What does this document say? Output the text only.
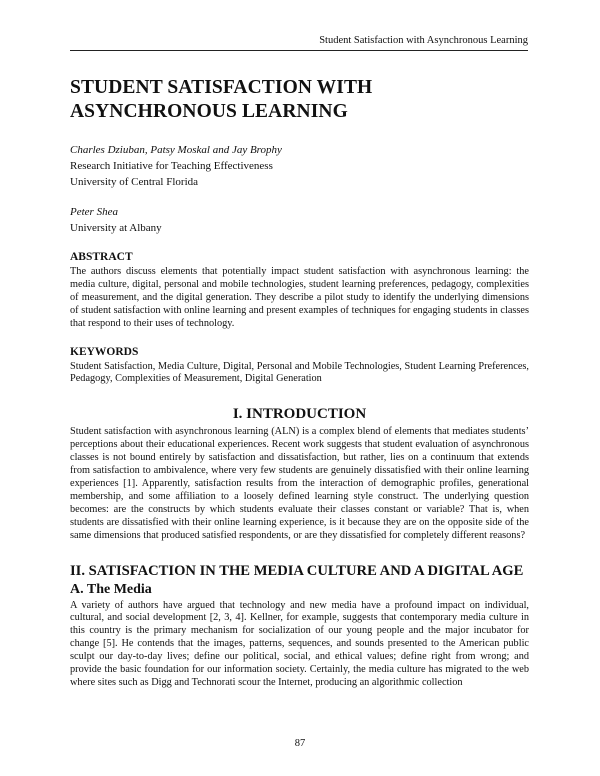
Student Satisfaction with Asynchronous Learning
STUDENT SATISFACTION WITH
ASYNCHRONOUS LEARNING
Charles Dziuban, Patsy Moskal and Jay Brophy
Research Initiative for Teaching Effectiveness
University of Central Florida
Peter Shea
University at Albany
ABSTRACT

The authors discuss elements that potentially impact student satisfaction with asynchronous learning: the media culture, digital, personal and mobile technologies, student learning preferences, pedagogy, complexities of measurement, and the digital generation. They describe a pilot study to identify the underlying dimensions of student satisfaction with online learning and present examples of techniques for engaging students in classes that respond to their uses of technology.

KEYWORDS

Student Satisfaction, Media Culture, Digital, Personal and Mobile Technologies, Student Learning Preferences, Pedagogy, Complexities of Measurement, Digital Generation

I. INTRODUCTION

Student satisfaction with asynchronous learning (ALN) is a complex blend of elements that mediates students’ perceptions about their educational experiences. Recent work suggests that student evaluation of asynchronous classes is not bound entirely by satisfaction and dissatisfaction, but rather, lies on a continuum that extends from satisfaction to ambivalence, where very few students are genuinely dissatisfied with their online learning experiences [1]. Apparently, satisfaction results from the interaction of demographic profiles, generational membership, and some affiliation to a loosely defined learning style construct. The underlying question becomes: are the constructs by which students evaluate their classes constant or variable? That is, when students are dissatisfied with their online learning experience, is it because they are on the opposite side of the same dimensions that produced satisfied respondents, or are they dissatisfied for completely different reasons?

II. SATISFACTION IN THE MEDIA CULTURE AND A DIGITAL AGE
A. The Media

A variety of authors have argued that technology and new media have a profound impact on individual, cultural, and social development [2, 3, 4]. Kellner, for example, suggests that contemporary media culture in this country is the primary mechanism for socialization of our young people and the major incubator for change [5]. He contends that the images, patterns, sequences, and sounds presented to the American public sculpt our day-to-day lives; define our political, social, and ethical values; define right from wrong; and provide the basic foundation for our information society. Certainly, the media culture has migrated to the web where sites such as Digg and Technorati scour the Internet, producing an algorithmic collection

87
